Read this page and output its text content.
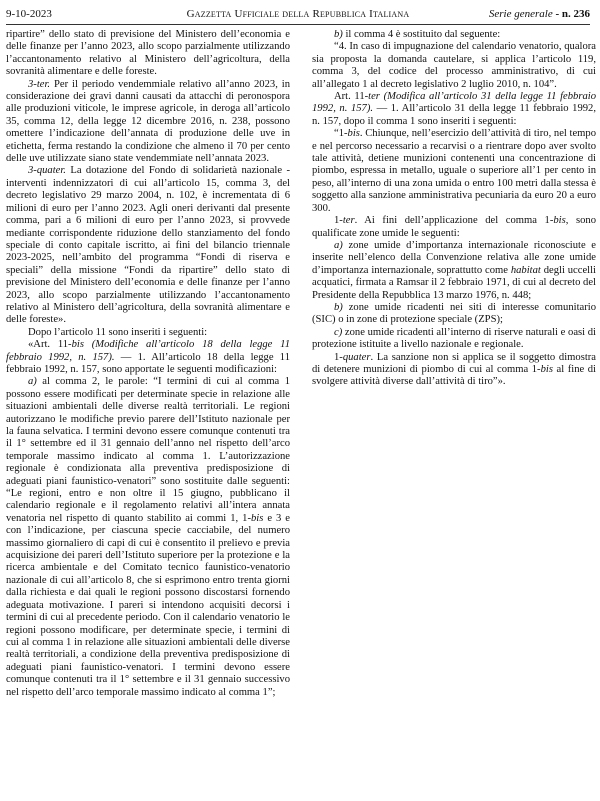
9-10-2023	Gazzetta Ufficiale della Repubblica Italiana	Serie generale - n. 236

ripartire” dello stato di previsione del Ministero dell’economia e delle finanze per l’anno 2023, allo scopo parzialmente utilizzando l’accantonamento relativo al Ministero dell’agricoltura, della sovranità alimentare e delle foreste.

3-ter. Per il periodo vendemmiale relativo all’anno 2023, in considerazione dei gravi danni causati da attacchi di peronospora alle produzioni viticole, le imprese agricole, in deroga all’articolo 35, comma 12, della legge 12 dicembre 2016, n. 238, possono omettere l’indicazione dell’annata di produzione delle uve in etichetta, ferma restando la condizione che almeno il 70 per cento delle uve utilizzate siano state vendemmiate nell’annata 2023.

3-quater. La dotazione del Fondo di solidarietà nazionale - interventi indennizzatori di cui all’articolo 15, comma 3, del decreto legislativo 29 marzo 2004, n. 102, è incrementata di 6 milioni di euro per l’anno 2023. Agli oneri derivanti dal presente comma, pari a 6 milioni di euro per l’anno 2023, si provvede mediante corrispondente riduzione dello stanziamento del fondo speciale di conto capitale iscritto, ai fini del bilancio triennale 2023-2025, nell’ambito del programma “Fondi di riserva e speciali” della missione “Fondi da ripartire” dello stato di previsione del Ministero dell’economia e delle finanze per l’anno 2023, allo scopo parzialmente utilizzando l’accantonamento relativo al Ministero dell’agricoltura, della sovranità alimentare e delle foreste».

Dopo l’articolo 11 sono inseriti i seguenti:

«Art. 11-bis (Modifiche all’articolo 18 della legge 11 febbraio 1992, n. 157). — 1. All’articolo 18 della legge 11 febbraio 1992, n. 157, sono apportate le seguenti modificazioni:

a) al comma 2, le parole: “I termini di cui al comma 1 possono essere modificati per determinate specie in relazione alle situazioni ambientali delle diverse realtà territoriali. Le regioni autorizzano le modifiche previo parere dell’Istituto nazionale per la fauna selvatica. I termini devono essere comunque contenuti tra il 1° settembre ed il 31 gennaio dell’anno nel rispetto dell’arco temporale massimo indicato al comma 1. L’autorizzazione regionale è condizionata alla preventiva predisposizione di adeguati piani faunistico-venatori” sono sostituite dalle seguenti: “Le regioni, entro e non oltre il 15 giugno, pubblicano il calendario regionale e il regolamento relativi all’intera annata venatoria nel rispetto di quanto stabilito ai commi 1, 1-bis e 3 e con l’indicazione, per ciascuna specie cacciabile, del numero massimo giornaliero di capi di cui è consentito il prelievo e previa acquisizione dei pareri dell’Istituto superiore per la protezione e la ricerca ambientale e del Comitato tecnico faunistico-venatorio nazionale di cui all’articolo 8, che si esprimono entro trenta giorni dalla richiesta e dai quali le regioni possono discostarsi fornendo adeguata motivazione. I pareri si intendono acquisiti decorsi i termini di cui al precedente periodo. Con il calendario venatorio le regioni possono modificare, per determinate specie, i termini di cui al comma 1 in relazione alle situazioni ambientali delle diverse realtà territoriali, a condizione della preventiva predisposizione di adeguati piani faunistico-venatori. I termini devono essere comunque contenuti tra il 1° settembre e il 31 gennaio successivo nel rispetto dell’arco temporale massimo indicato al comma 1”;

b) il comma 4 è sostituito dal seguente:

“4. In caso di impugnazione del calendario venatorio, qualora sia proposta la domanda cautelare, si applica l’articolo 119, comma 3, del codice del processo amministrativo, di cui all’allegato 1 al decreto legislativo 2 luglio 2010, n. 104”.

Art. 11-ter (Modifica all’articolo 31 della legge 11 febbraio 1992, n. 157). — 1. All’articolo 31 della legge 11 febbraio 1992, n. 157, dopo il comma 1 sono inseriti i seguenti:

“1-bis. Chiunque, nell’esercizio dell’attività di tiro, nel tempo e nel percorso necessario a recarvisi o a rientrare dopo aver svolto tale attività, detiene munizioni contenenti una concentrazione di piombo, espressa in metallo, uguale o superiore all’1 per cento in peso, all’interno di una zona umida o entro 100 metri dalla stessa è soggetto alla sanzione amministrativa pecuniaria da euro 20 a euro 300.

1-ter. Ai fini dell’applicazione del comma 1-bis, sono qualificate zone umide le seguenti:

a) zone umide d’importanza internazionale riconosciute e inserite nell’elenco della Convenzione relativa alle zone umide d’importanza internazionale, soprattutto come habitat degli uccelli acquatici, firmata a Ramsar il 2 febbraio 1971, di cui al decreto del Presidente della Repubblica 13 marzo 1976, n. 448;

b) zone umide ricadenti nei siti di interesse comunitario (SIC) o in zone di protezione speciale (ZPS);

c) zone umide ricadenti all’interno di riserve naturali e oasi di protezione istituite a livello nazionale e regionale.

1-quater. La sanzione non si applica se il soggetto dimostra di detenere munizioni di piombo di cui al comma 1-bis al fine di svolgere attività diverse dall’attività di tiro”».
